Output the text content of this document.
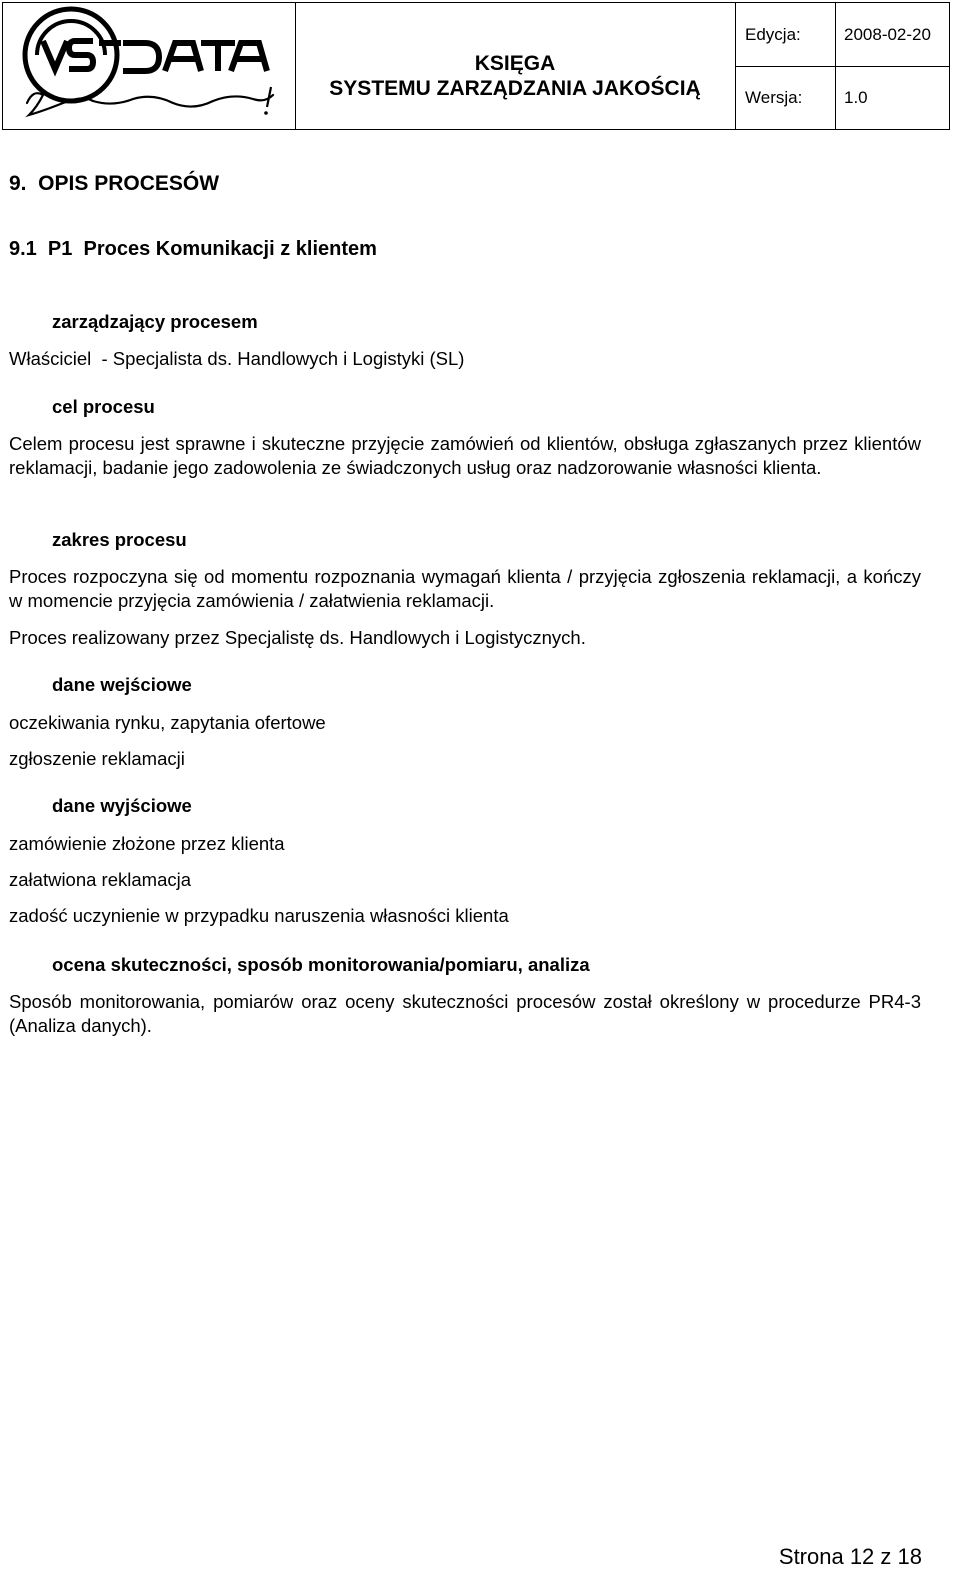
KSIĘGA
SYSTEMU ZARZĄDZANIA JAKOŚCIĄ
Edycja:	2008-02-20
Wersja:	1.0
9.  OPIS PROCESÓW
9.1  P1  Proces Komunikacji z klientem
zarządzający procesem
Właściciel  - Specjalista ds. Handlowych i Logistyki (SL)
cel procesu
Celem procesu jest sprawne i skuteczne przyjęcie zamówień od klientów, obsługa zgłaszanych przez klientów reklamacji, badanie jego zadowolenia ze świadczonych usług oraz nadzorowanie własności klienta.
zakres procesu
Proces rozpoczyna się od momentu rozpoznania wymagań klienta / przyjęcia zgłoszenia reklamacji, a kończy w momencie przyjęcia zamówienia / załatwienia reklamacji.
Proces realizowany przez Specjalistę ds. Handlowych i Logistycznych.
dane wejściowe
oczekiwania rynku, zapytania ofertowe
zgłoszenie reklamacji
dane wyjściowe
zamówienie złożone przez klienta
załatwiona reklamacja
zadość uczynienie w przypadku naruszenia własności klienta
ocena skuteczności, sposób monitorowania/pomiaru, analiza
Sposób monitorowania, pomiarów oraz oceny skuteczności procesów został określony w procedurze PR4-3 (Analiza danych).
Strona 12 z 18
